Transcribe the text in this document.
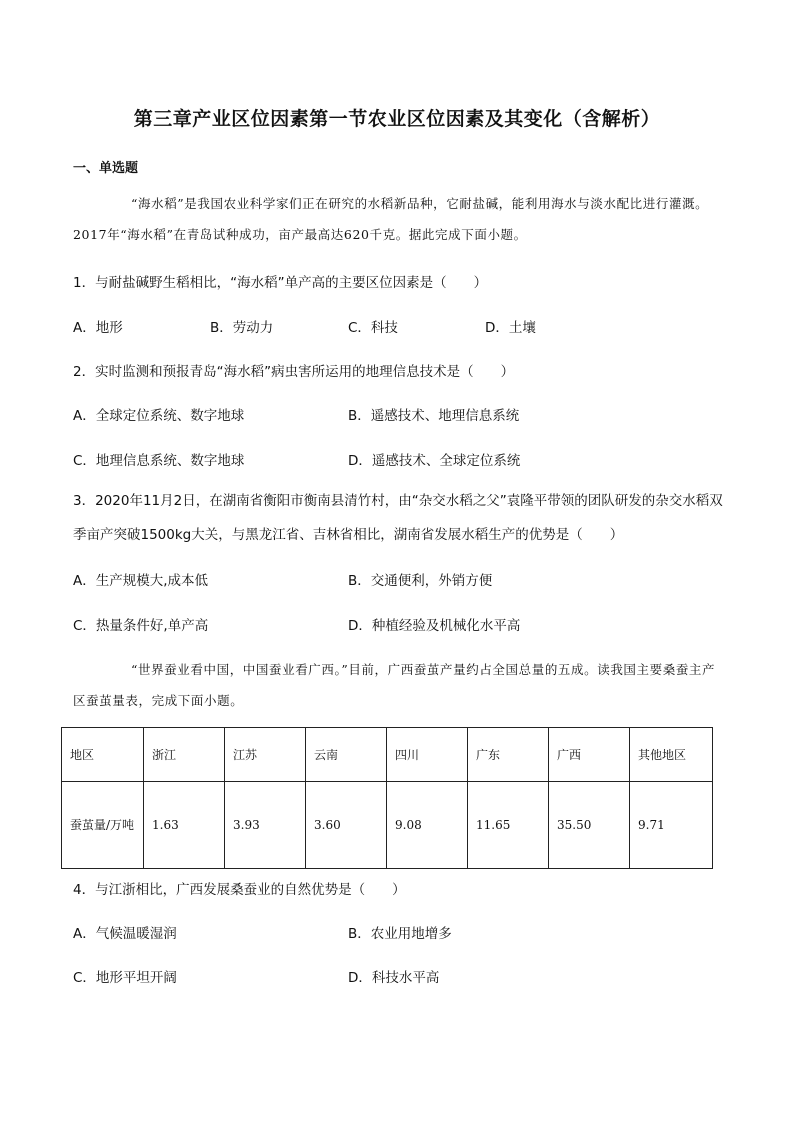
第三章产业区位因素第一节农业区位因素及其变化（含解析）
一、单选题
“海水稻”是我国农业科学家们正在研究的水稻新品种，它耐盐碱，能利用海水与淡水配比进行灌溉。2017年“海水稻”在青岛试种成功，亩产最高达620千克。据此完成下面小题。
1．与耐盐碱野生稻相比，“海水稻”单产高的主要区位因素是（　　）
A．地形	B．劳动力	C．科技	D．土壤
2．实时监测和预报青岛“海水稻”病虫害所运用的地理信息技术是（　　）
A．全球定位系统、数字地球	B．遥感技术、地理信息系统
C．地理信息系统、数字地球	D．遥感技术、全球定位系统
3．2020年11月2日，在湖南省衡阳市衡南县清竹村，由“杂交水稻之父”袁隆平带领的团队研发的杂交水稻双季亩产突破1500kg大关，与黑龙江省、吉林省相比，湖南省发展水稻生产的优势是（　　）
A．生产规模大,成本低	B．交通便利，外销方便
C．热量条件好,单产高	D．种植经验及机械化水平高
“世界蚕业看中国，中国蚕业看广西。”目前，广西蚕茧产量约占全国总量的五成。读我国主要桑蚕主产区蚕茧量表，完成下面小题。
地区	浙江	江苏	云南	四川	广东	广西	其他地区
蚕茧量/万吨	1.63	3.93	3.60	9.08	11.65	35.50	9.71
4．与江浙相比，广西发展桑蚕业的自然优势是（　　）
A．气候温暖湿润	B．农业用地增多
C．地形平坦开阔	D．科技水平高
